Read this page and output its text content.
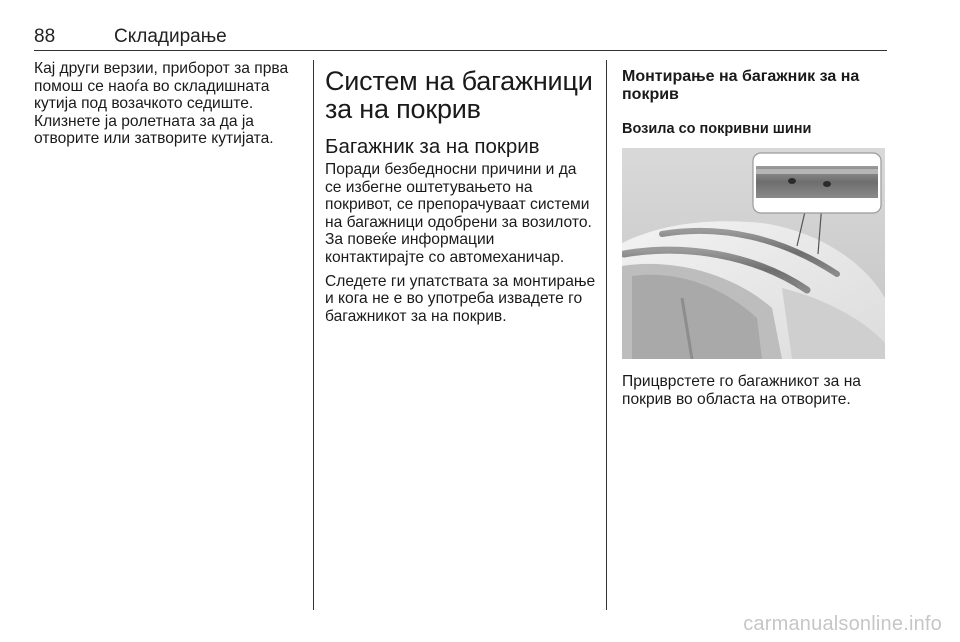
88	Складирање

Кај други верзии, приборот за прва помош се наоѓа во складишната кутија под возачкото седиште. Клизнете ја ролетната за да ја отворите или затворите кутијата.

Систем на багажници за на покрив
Багажник за на покрив

Поради безбедносни причини и да се избегне оштетувањето на покривот, се препорачуваат системи на багажници одобрени за возилото. За повеќе информации контактирајте со автомеханичар.

Следете ги упатствата за монтирање и кога не е во употреба извадете го багажникот за на покрив.

Монтирање на багажник за на покрив

Возила со покривни шини

Прицврстете го багажникот за на покрив во областа на отворите.

carmanualsonline.info
